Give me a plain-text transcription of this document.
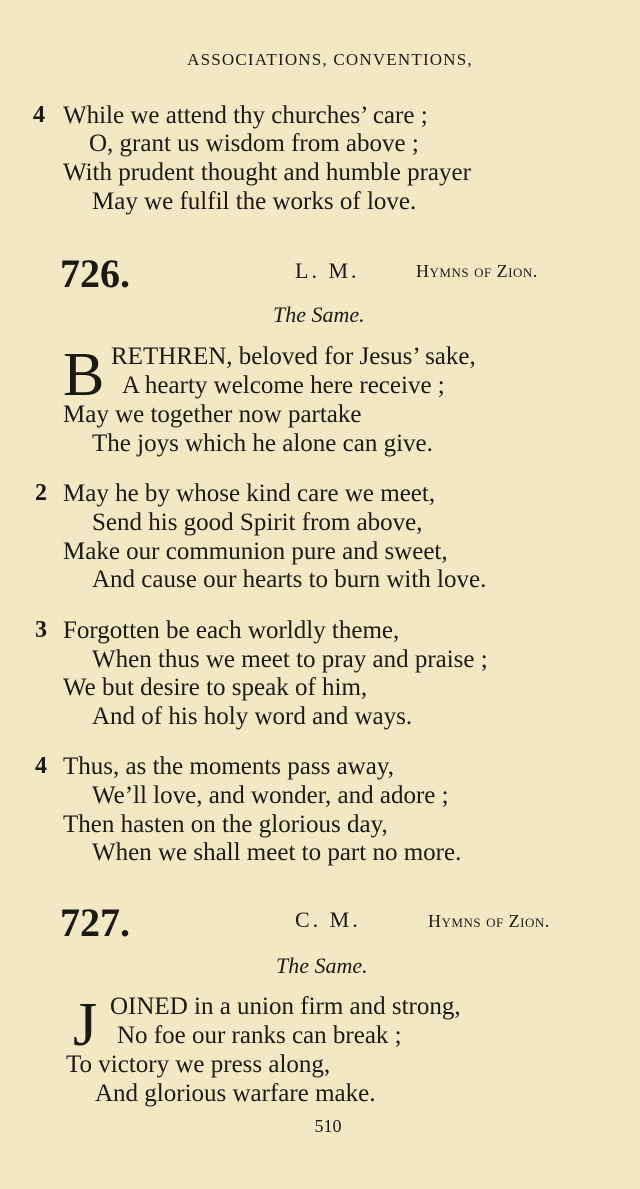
ASSOCIATIONS, CONVENTIONS,
4 While we attend thy churches’ care ;
O, grant us wisdom from above ;
With prudent thought and humble prayer
May we fulfil the works of love.
726.	L. M.	Hymns of Zion.
The Same.
B RETHREN, beloved for Jesus’ sake,
A hearty welcome here receive ;
May we together now partake
The joys which he alone can give.
2 May he by whose kind care we meet,
Send his good Spirit from above,
Make our communion pure and sweet,
And cause our hearts to burn with love.
3 Forgotten be each worldly theme,
When thus we meet to pray and praise ;
We but desire to speak of him,
And of his holy word and ways.
4 Thus, as the moments pass away,
We’ll love, and wonder, and adore ;
Then hasten on the glorious day,
When we shall meet to part no more.
727.	C. M.	Hymns of Zion.
The Same.
J OINED in a union firm and strong,
No foe our ranks can break ;
To victory we press along,
And glorious warfare make.
510
